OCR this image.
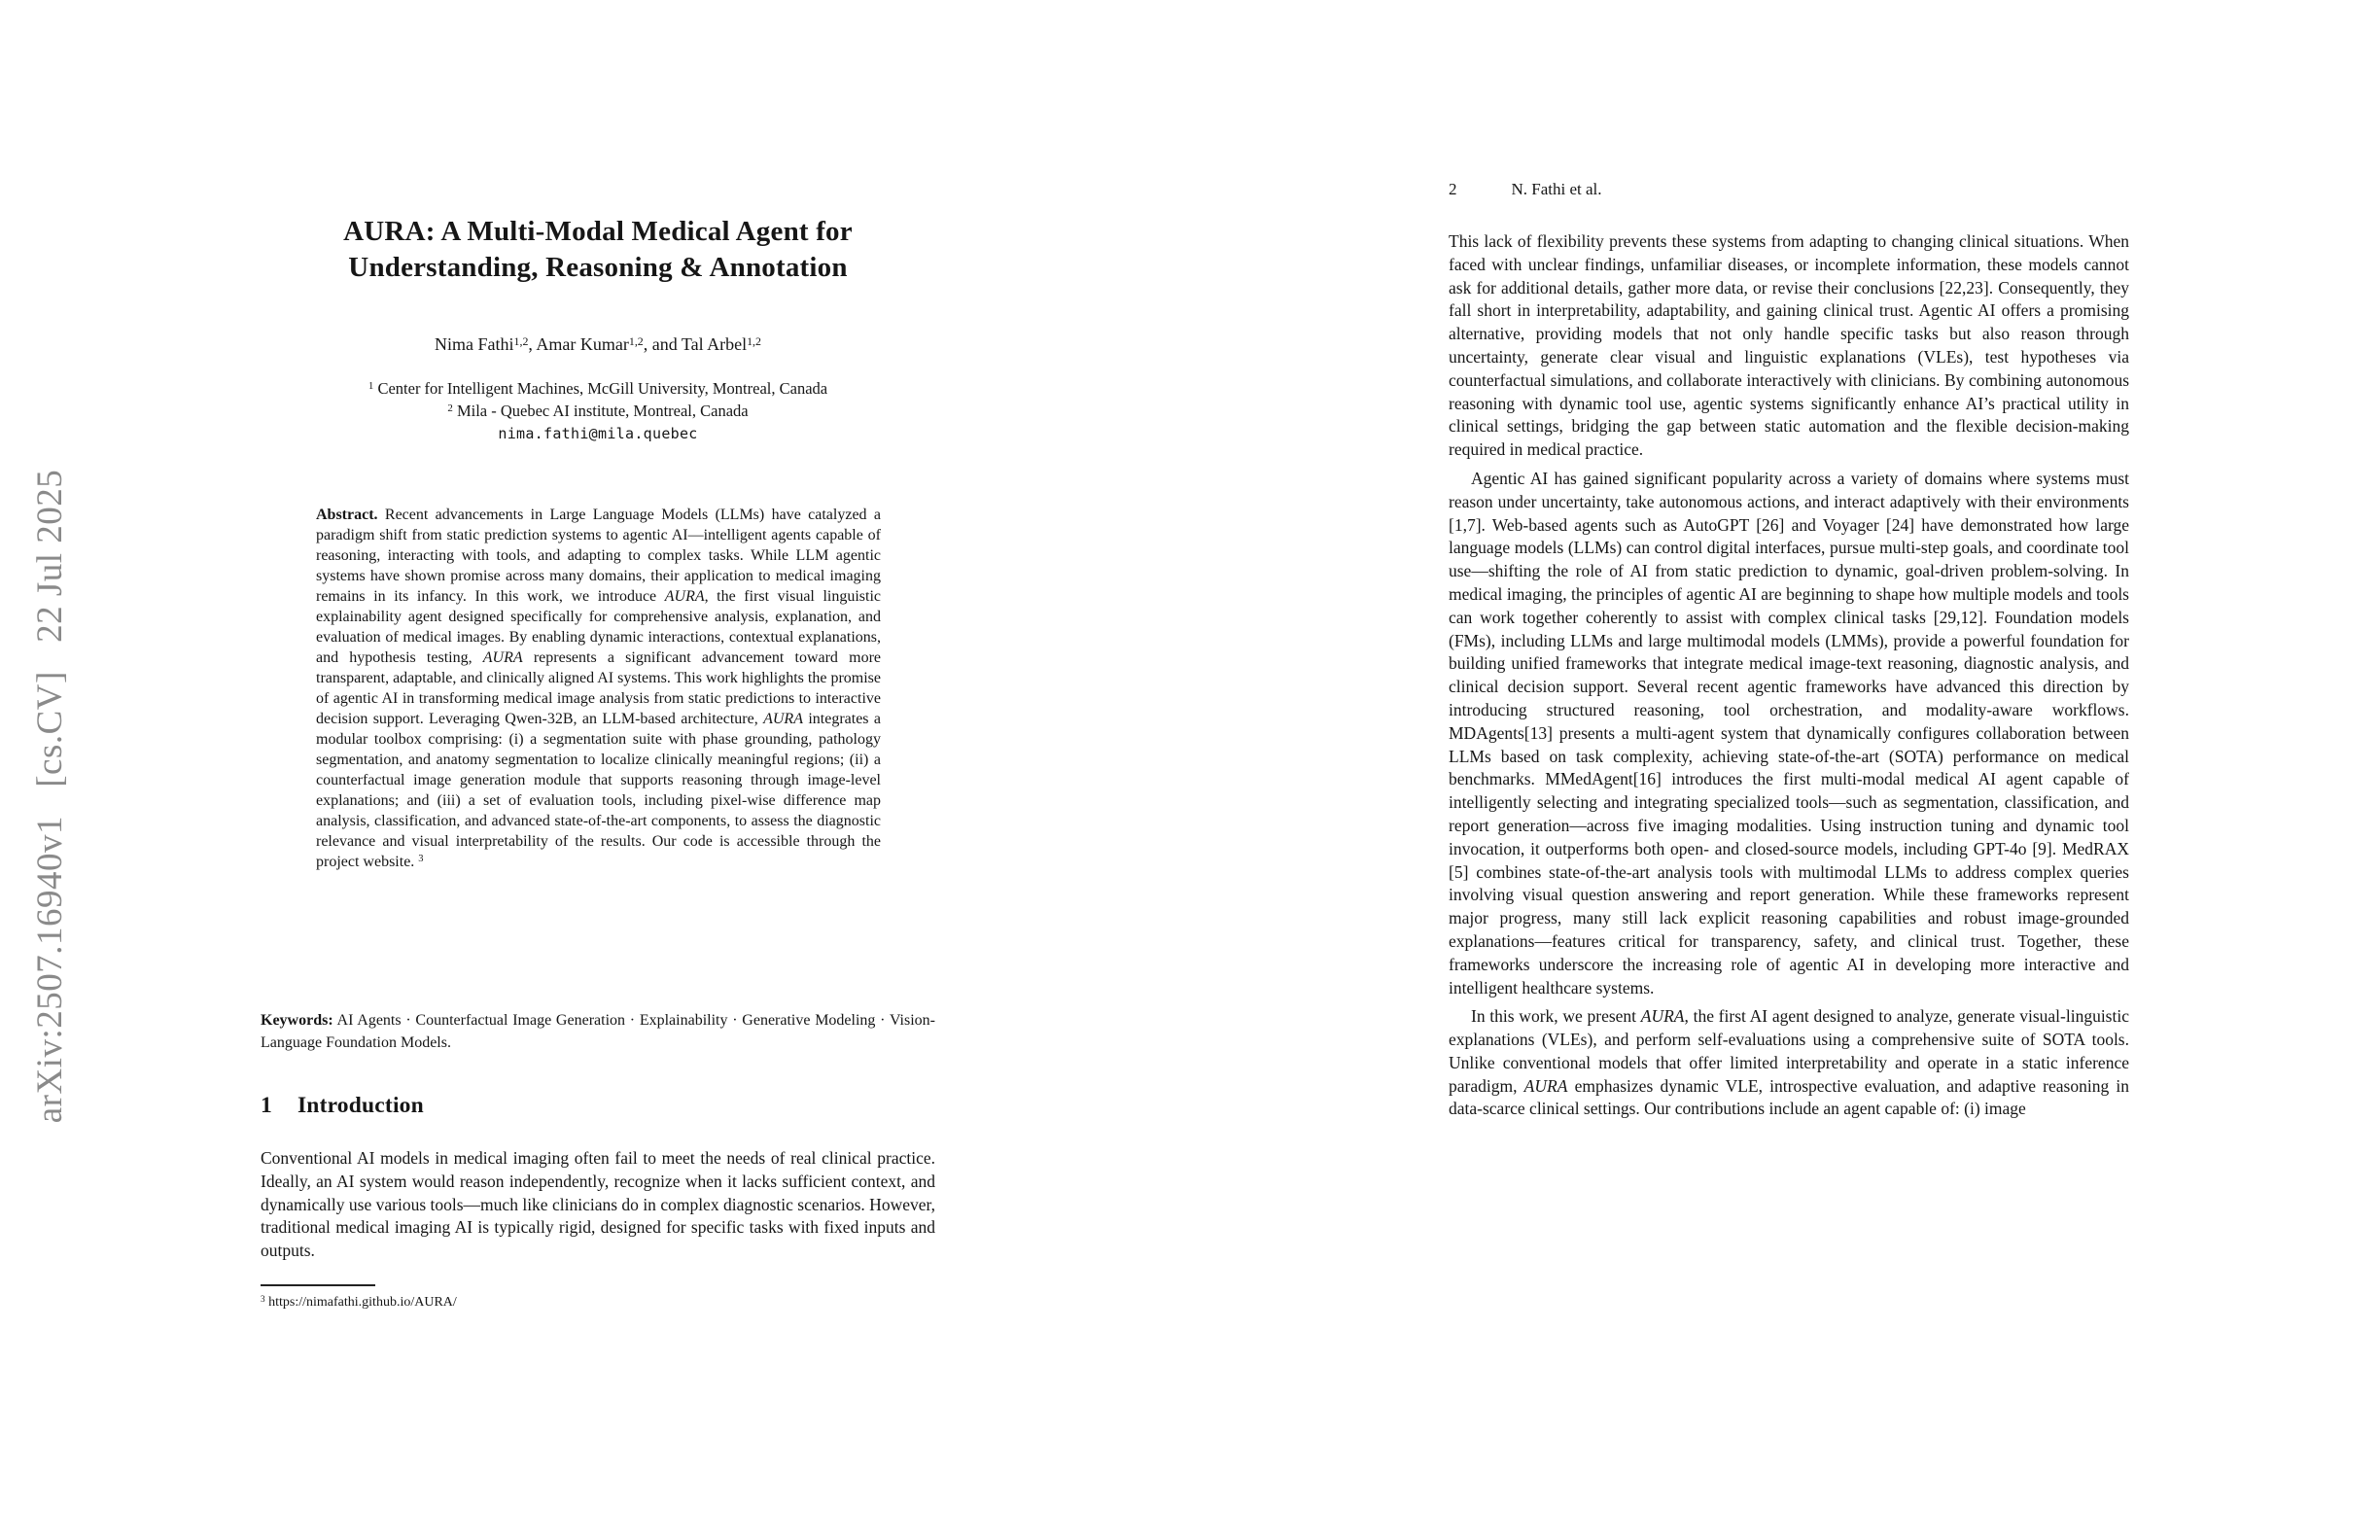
arXiv:2507.16940v1   [cs.CV]   22 Jul 2025
AURA: A Multi-Modal Medical Agent for Understanding, Reasoning & Annotation
Nima Fathi$^{1,2}$, Amar Kumar$^{1,2}$, and Tal Arbel$^{1,2}$
$^1$ Center for Intelligent Machines, McGill University, Montreal, Canada
$^2$ Mila - Quebec AI institute, Montreal, Canada
nima.fathi@mila.quebec
Abstract. Recent advancements in Large Language Models (LLMs) have catalyzed a paradigm shift from static prediction systems to agentic AI—intelligent agents capable of reasoning, interacting with tools, and adapting to complex tasks. While LLM agentic systems have shown promise across many domains, their application to medical imaging remains in its infancy. In this work, we introduce AURA, the first visual linguistic explainability agent designed specifically for comprehensive analysis, explanation, and evaluation of medical images. By enabling dynamic interactions, contextual explanations, and hypothesis testing, AURA represents a significant advancement toward more transparent, adaptable, and clinically aligned AI systems. This work highlights the promise of agentic AI in transforming medical image analysis from static predictions to interactive decision support. Leveraging Qwen-32B, an LLM-based architecture, AURA integrates a modular toolbox comprising: (i) a segmentation suite with phase grounding, pathology segmentation, and anatomy segmentation to localize clinically meaningful regions; (ii) a counterfactual image generation module that supports reasoning through image-level explanations; and (iii) a set of evaluation tools, including pixel-wise difference map analysis, classification, and advanced state-of-the-art components, to assess the diagnostic relevance and visual interpretability of the results. Our code is accessible through the project website. $^3$
Keywords: AI Agents · Counterfactual Image Generation · Explainability · Generative Modeling · Vision-Language Foundation Models.
1 Introduction

Conventional AI models in medical imaging often fail to meet the needs of real clinical practice. Ideally, an AI system would reason independently, recognize when it lacks sufficient context, and dynamically use various tools—much like clinicians do in complex diagnostic scenarios. However, traditional medical imaging AI is typically rigid, designed for specific tasks with fixed inputs and outputs.

$^3$ https://nimafathi.github.io/AURA/
2	N. Fathi et al.

This lack of flexibility prevents these systems from adapting to changing clinical situations. When faced with unclear findings, unfamiliar diseases, or incomplete information, these models cannot ask for additional details, gather more data, or revise their conclusions [22,23]. Consequently, they fall short in interpretability, adaptability, and gaining clinical trust. Agentic AI offers a promising alternative, providing models that not only handle specific tasks but also reason through uncertainty, generate clear visual and linguistic explanations (VLEs), test hypotheses via counterfactual simulations, and collaborate interactively with clinicians. By combining autonomous reasoning with dynamic tool use, agentic systems significantly enhance AI’s practical utility in clinical settings, bridging the gap between static automation and the flexible decision-making required in medical practice.

Agentic AI has gained significant popularity across a variety of domains where systems must reason under uncertainty, take autonomous actions, and interact adaptively with their environments [1,7]. Web-based agents such as AutoGPT [26] and Voyager [24] have demonstrated how large language models (LLMs) can control digital interfaces, pursue multi-step goals, and coordinate tool use—shifting the role of AI from static prediction to dynamic, goal-driven problem-solving. In medical imaging, the principles of agentic AI are beginning to shape how multiple models and tools can work together coherently to assist with complex clinical tasks [29,12]. Foundation models (FMs), including LLMs and large multimodal models (LMMs), provide a powerful foundation for building unified frameworks that integrate medical image-text reasoning, diagnostic analysis, and clinical decision support. Several recent agentic frameworks have advanced this direction by introducing structured reasoning, tool orchestration, and modality-aware workflows. MDAgents[13] presents a multi-agent system that dynamically configures collaboration between LLMs based on task complexity, achieving state-of-the-art (SOTA) performance on medical benchmarks. MMedAgent[16] introduces the first multi-modal medical AI agent capable of intelligently selecting and integrating specialized tools—such as segmentation, classification, and report generation—across five imaging modalities. Using instruction tuning and dynamic tool invocation, it outperforms both open- and closed-source models, including GPT-4o [9]. MedRAX [5] combines state-of-the-art analysis tools with multimodal LLMs to address complex queries involving visual question answering and report generation. While these frameworks represent major progress, many still lack explicit reasoning capabilities and robust image-grounded explanations—features critical for transparency, safety, and clinical trust. Together, these frameworks underscore the increasing role of agentic AI in developing more interactive and intelligent healthcare systems.

In this work, we present AURA, the first AI agent designed to analyze, generate visual-linguistic explanations (VLEs), and perform self-evaluations using a comprehensive suite of SOTA tools. Unlike conventional models that offer limited interpretability and operate in a static inference paradigm, AURA emphasizes dynamic VLE, introspective evaluation, and adaptive reasoning in data-scarce clinical settings. Our contributions include an agent capable of: (i) image
